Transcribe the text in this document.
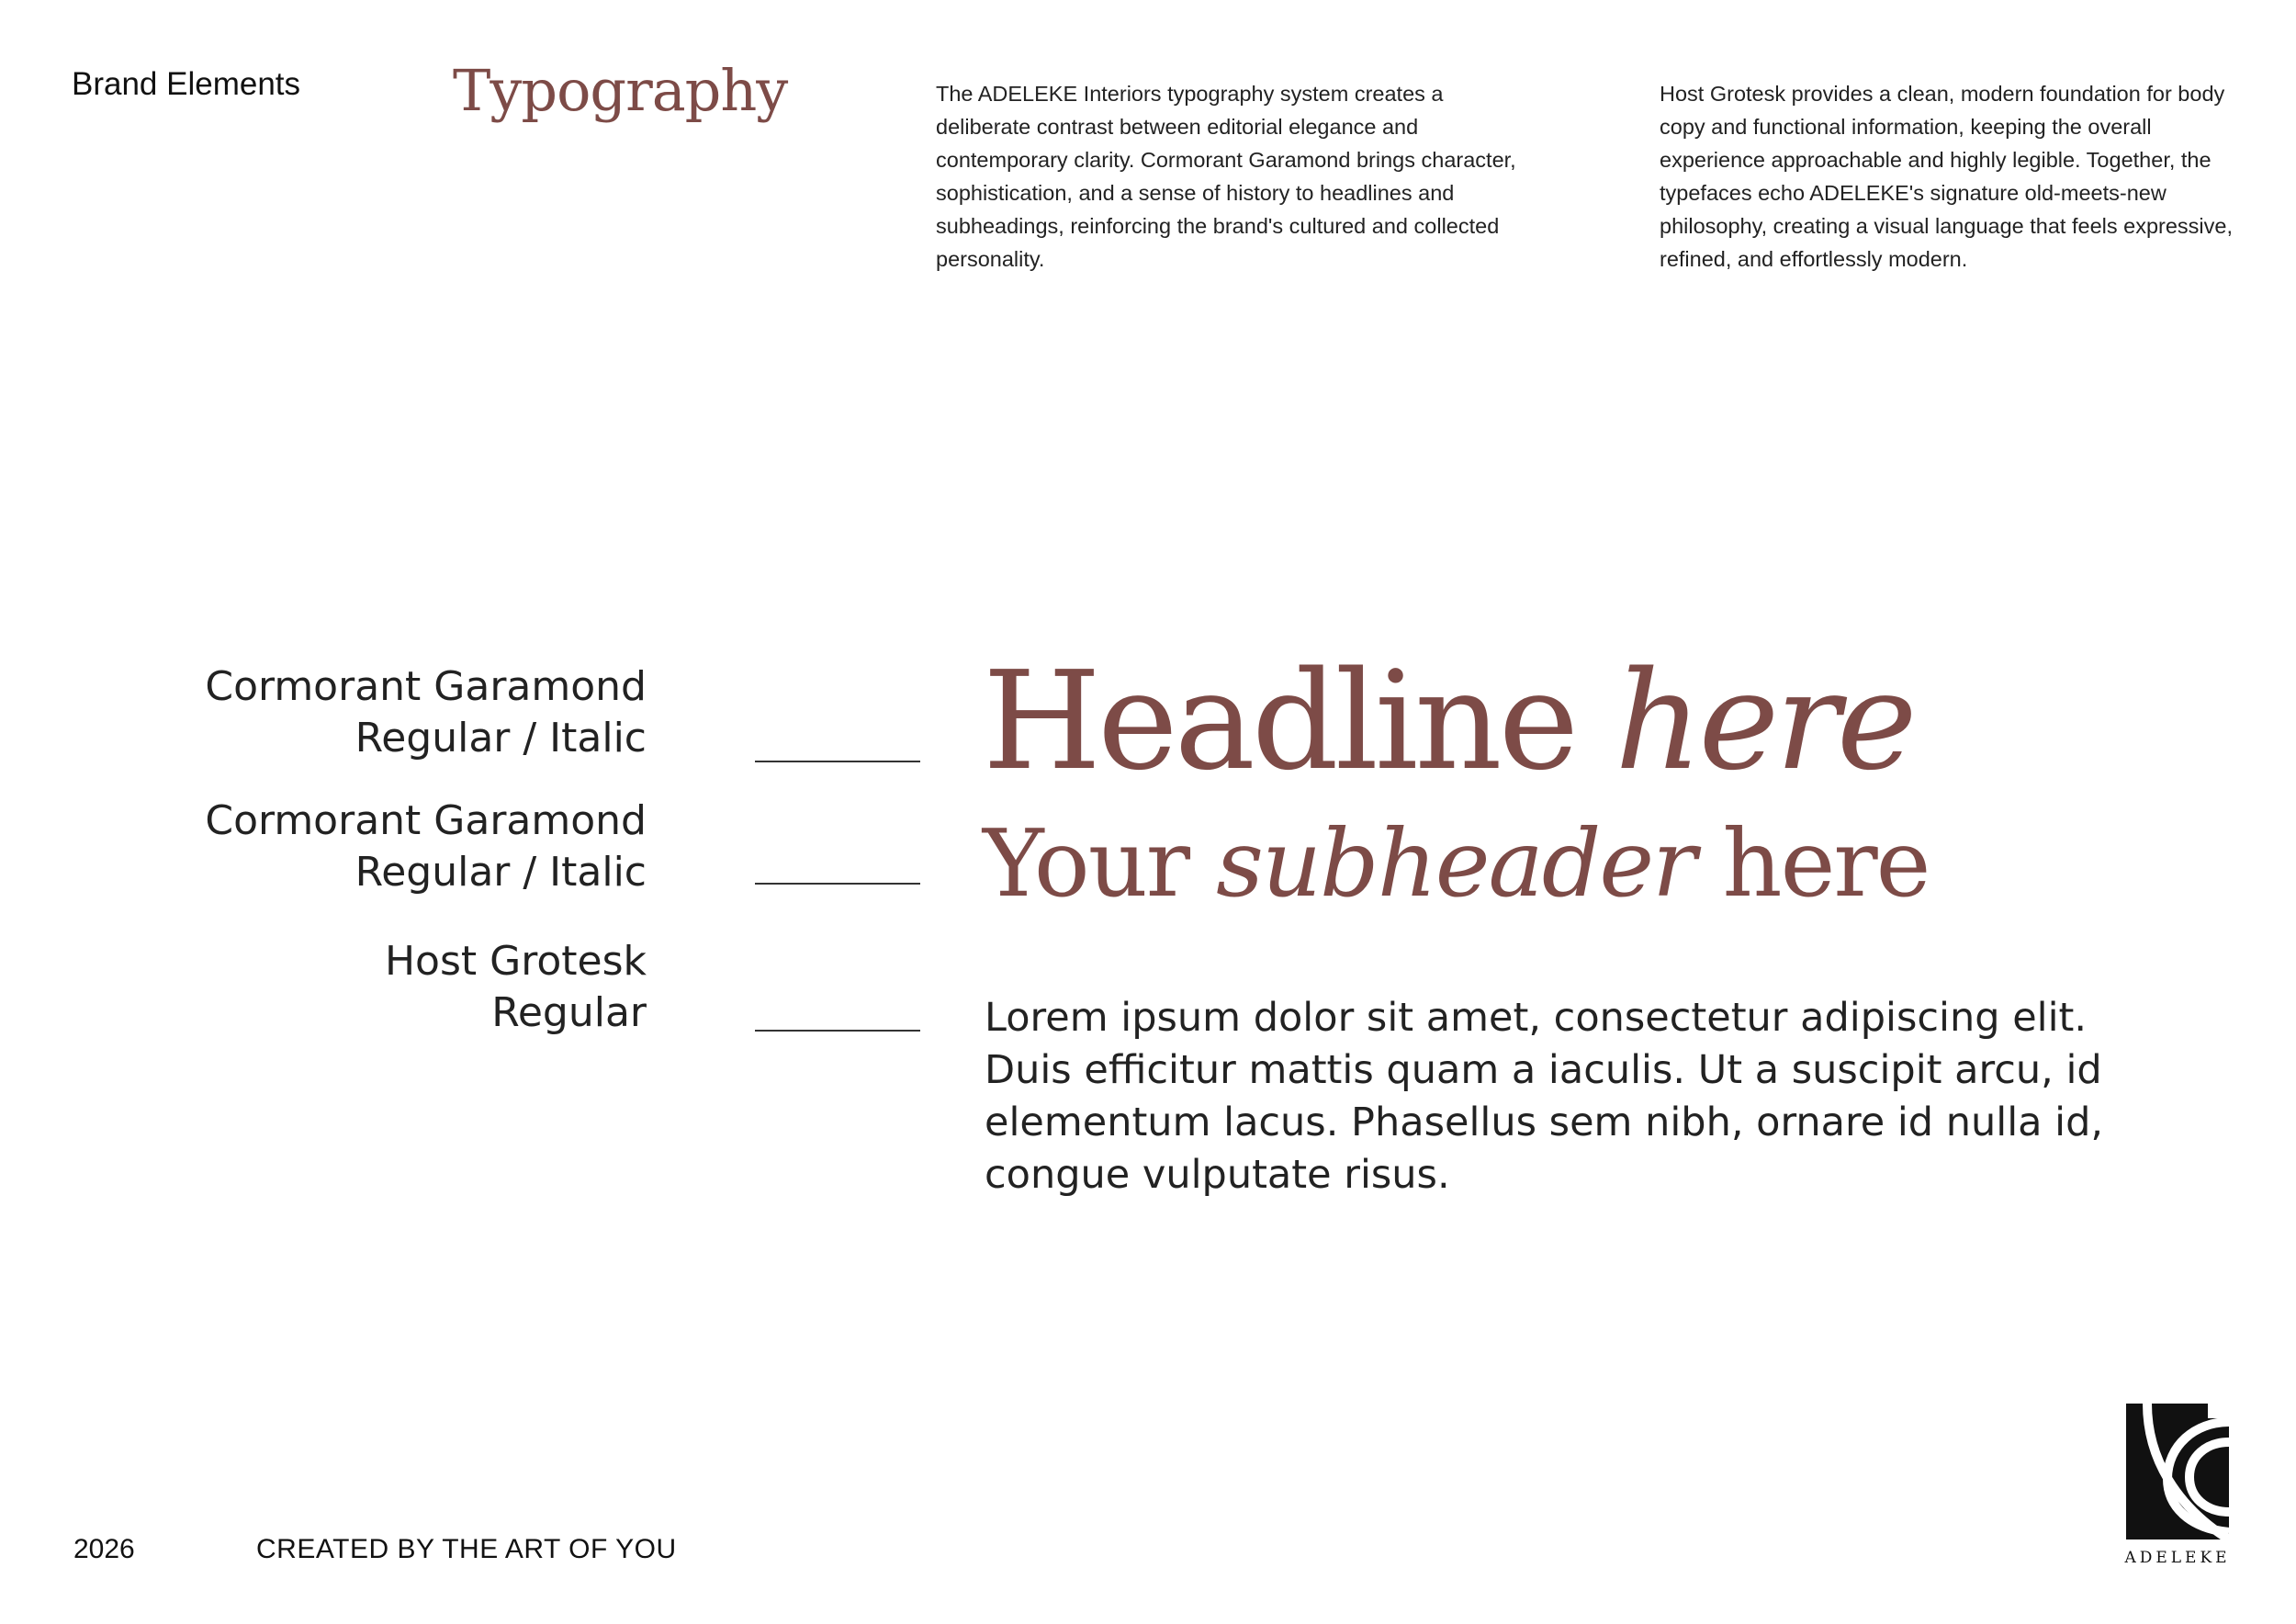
Brand Elements	Typography	The ADELEKE Interiors typography system creates a deliberate contrast between editorial elegance and contemporary clarity. Cormorant Garamond brings character, sophistication, and a sense of history to headlines and subheadings, reinforcing the brand's cultured and collected personality.

Host Grotesk provides a clean, modern foundation for body copy and functional information, keeping the overall experience approachable and highly legible. Together, the typefaces echo ADELEKE's signature old-meets-new philosophy, creating a visual language that feels expressive, refined, and effortlessly modern.

Cormorant Garamond
Regular / Italic
Cormorant Garamond
Regular / Italic
Host Grotesk
Regular
Headline here
Your subheader here

Lorem ipsum dolor sit amet, consectetur adipiscing elit. Duis efficitur mattis quam a iaculis. Ut a suscipit arcu, id elementum lacus. Phasellus sem nibh, ornare id nulla id, congue vulputate risus.

2026	CREATED BY THE ART OF YOU	ADELEKE
